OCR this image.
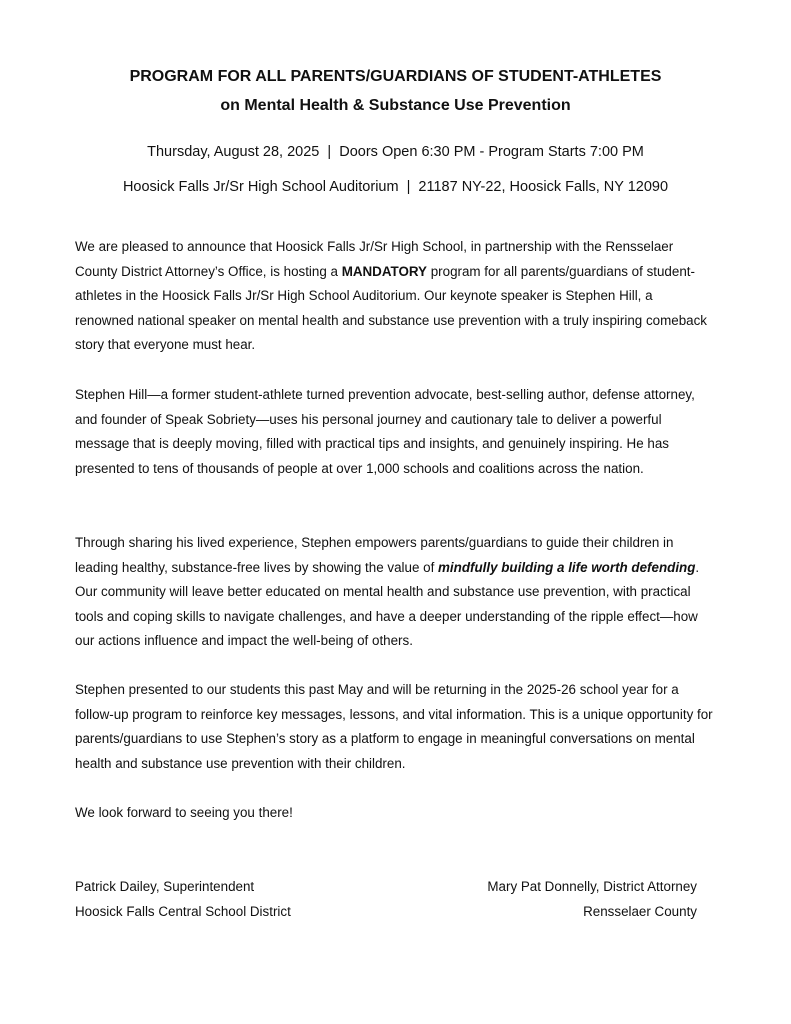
PROGRAM FOR ALL PARENTS/GUARDIANS OF STUDENT-ATHLETES
on Mental Health & Substance Use Prevention
Thursday, August 28, 2025  |  Doors Open 6:30 PM - Program Starts 7:00 PM
Hoosick Falls Jr/Sr High School Auditorium  |  21187 NY-22, Hoosick Falls, NY 12090

We are pleased to announce that Hoosick Falls Jr/Sr High School, in partnership with the Rensselaer County District Attorney’s Office, is hosting a MANDATORY program for all parents/guardians of student-athletes in the Hoosick Falls Jr/Sr High School Auditorium. Our keynote speaker is Stephen Hill, a renowned national speaker on mental health and substance use prevention with a truly inspiring comeback story that everyone must hear.

Stephen Hill—a former student-athlete turned prevention advocate, best-selling author, defense attorney, and founder of Speak Sobriety—uses his personal journey and cautionary tale to deliver a powerful message that is deeply moving, filled with practical tips and insights, and genuinely inspiring. He has presented to tens of thousands of people at over 1,000 schools and coalitions across the nation.

Through sharing his lived experience, Stephen empowers parents/guardians to guide their children in leading healthy, substance-free lives by showing the value of mindfully building a life worth defending. Our community will leave better educated on mental health and substance use prevention, with practical tools and coping skills to navigate challenges, and have a deeper understanding of the ripple effect—how our actions influence and impact the well-being of others.

Stephen presented to our students this past May and will be returning in the 2025-26 school year for a follow-up program to reinforce key messages, lessons, and vital information. This is a unique opportunity for parents/guardians to use Stephen’s story as a platform to engage in meaningful conversations on mental health and substance use prevention with their children.

We look forward to seeing you there!

Patrick Dailey, Superintendent
Hoosick Falls Central School District
Mary Pat Donnelly, District Attorney
Rensselaer County
